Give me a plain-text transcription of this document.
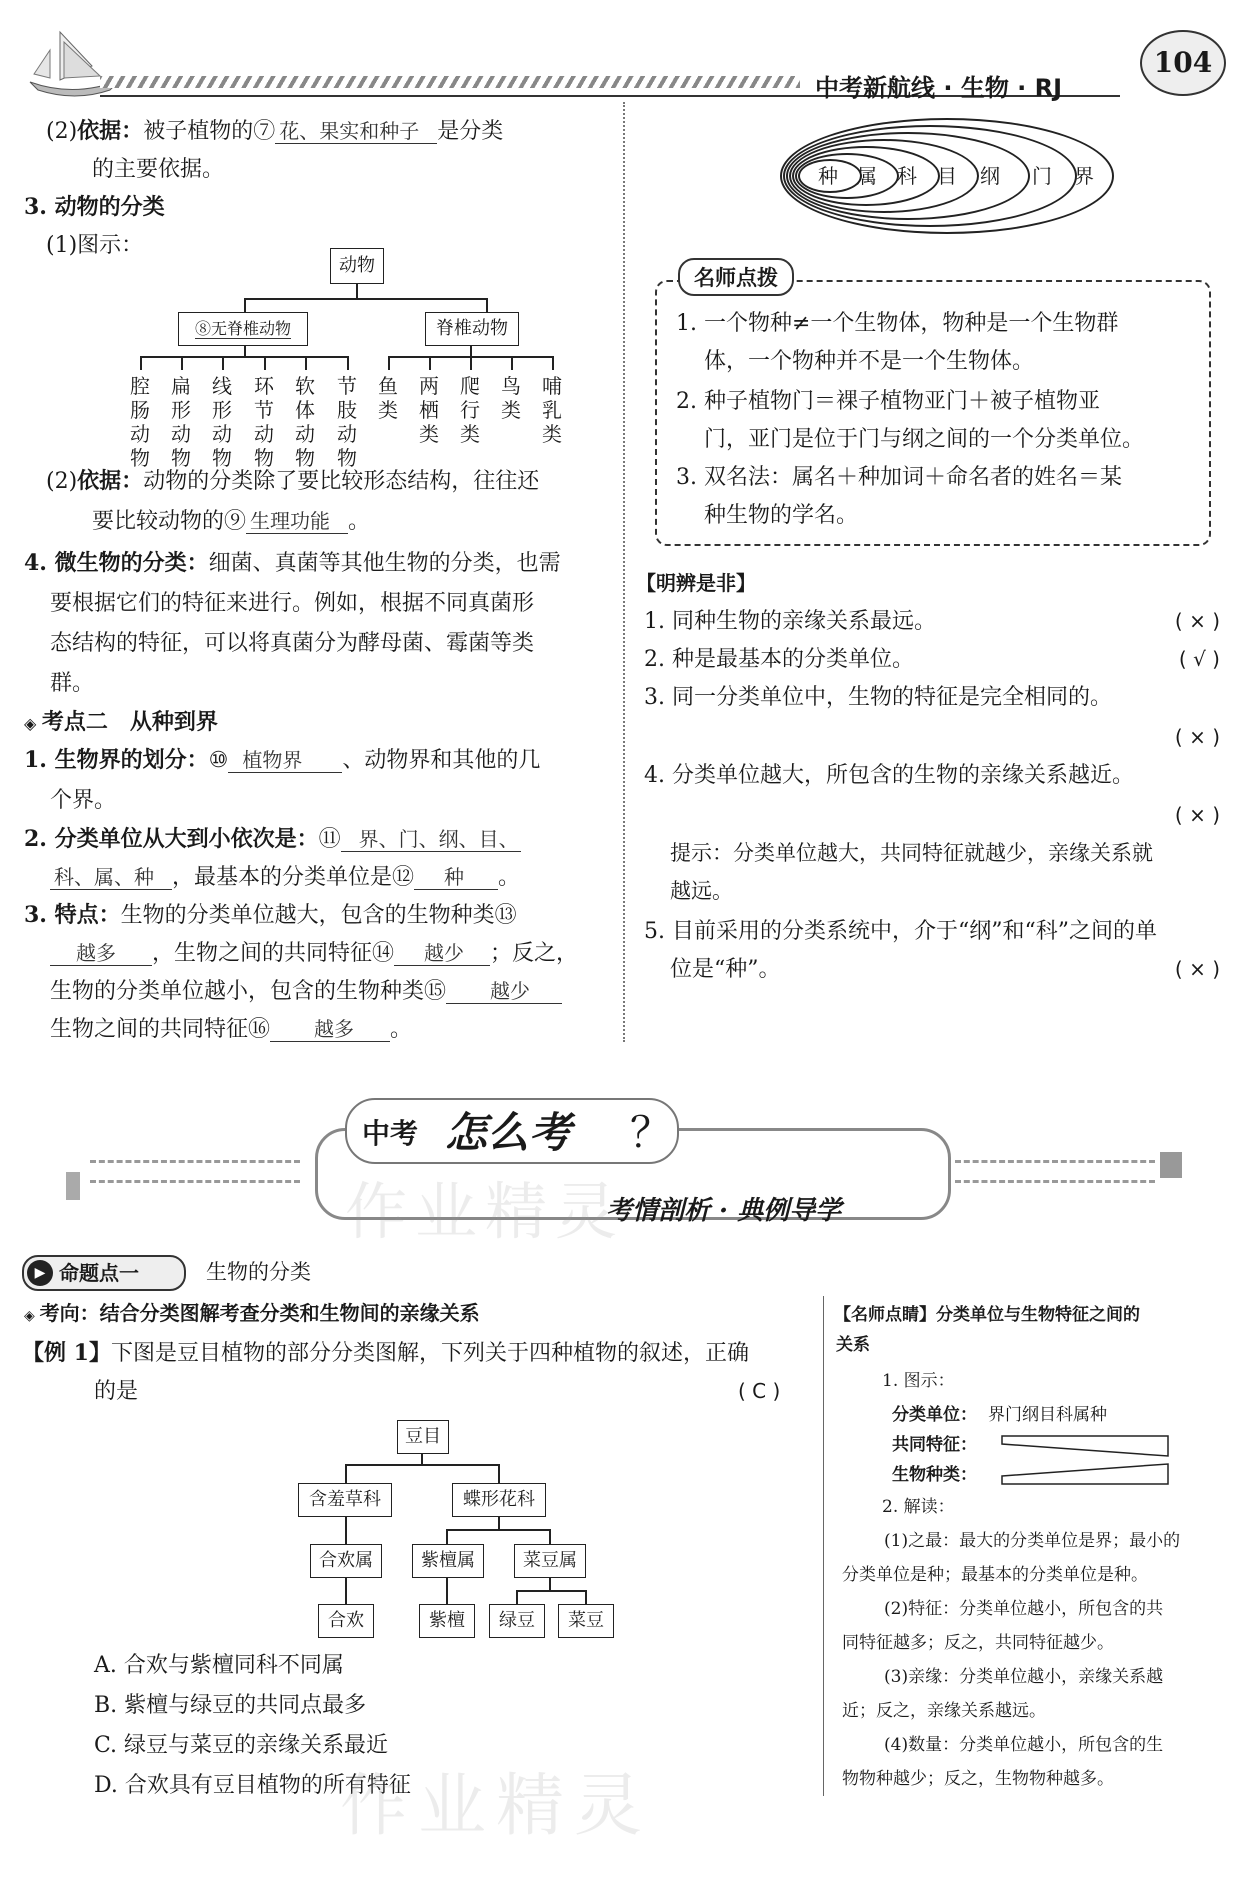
中考新航线 · 生物 · RJ
104
(2)依据：被子植物的⑦ 花、果实和种子 是分类
的主要依据。
3. 动物的分类
(1)图示：
动物
⑧无脊椎动物	脊椎动物
腔肠动物
扁形动物
线形动物
环节动物
软体动物
节肢动物
鱼类
两栖类
爬行类
鸟类
哺乳类
(2)依据：动物的分类除了要比较形态结构，往往还
要比较动物的⑨ 生理功能 。
4. 微生物的分类：细菌、真菌等其他生物的分类，也需
要根据它们的特征来进行。例如，根据不同真菌形
态结构的特征，可以将真菌分为酵母菌、霉菌等类
群。
◈ 考点二　从种到界
1. 生物界的划分：⑩ 植物界 、动物界和其他的几
个界。
2. 分类单位从大到小依次是：⑪ 界、门、纲、目、
科、属、种 ，最基本的分类单位是⑫ 种 。
3. 特点：生物的分类单位越大，包含的生物种类⑬
越多 ，生物之间的共同特征⑭ 越少 ；反之，
生物的分类单位越小，包含的生物种类⑮ 越少
生物之间的共同特征⑯ 越多 。
种 属 科 目 纲 门 界
名师点拨
1. 一个物种≠一个生物体，物种是一个生物群
体，一个物种并不是一个生物体。
2. 种子植物门＝裸子植物亚门＋被子植物亚
门，亚门是位于门与纲之间的一个分类单位。
3. 双名法：属名＋种加词＋命名者的姓名＝某
种生物的学名。
【明辨是非】
1. 同种生物的亲缘关系最远。	( × )
2. 种是最基本的分类单位。	( √ )
3. 同一分类单位中，生物的特征是完全相同的。
( × )
4. 分类单位越大，所包含的生物的亲缘关系越近。
( × )
提示：分类单位越大，共同特征就越少，亲缘关系就
越远。
5. 目前采用的分类系统中，介于“纲”和“科”之间的单
位是“种”。	( × )
中考 怎么考 ？
考情剖析 · 典例导学
作业精灵
▶ 命题点一	生物的分类
◈ 考向：结合分类图解考查分类和生物间的亲缘关系
【例 1】下图是豆目植物的部分分类图解，下列关于四种植物的叙述，正确
的是	( C )
豆目
含羞草科	蝶形花科
合欢属	紫檀属	菜豆属
合欢	紫檀	绿豆	菜豆
A. 合欢与紫檀同科不同属
B. 紫檀与绿豆的共同点最多
C. 绿豆与菜豆的亲缘关系最近
D. 合欢具有豆目植物的所有特征
作业精灵
【名师点睛】分类单位与生物特征之间的
关系
1. 图示：
分类单位： 界门纲目科属种
共同特征：
生物种类：
2. 解读：
(1)之最：最大的分类单位是界；最小的
分类单位是种；最基本的分类单位是种。
(2)特征：分类单位越小，所包含的共
同特征越多；反之，共同特征越少。
(3)亲缘：分类单位越小，亲缘关系越
近；反之，亲缘关系越远。
(4)数量：分类单位越小，所包含的生
物物种越少；反之，生物物种越多。
